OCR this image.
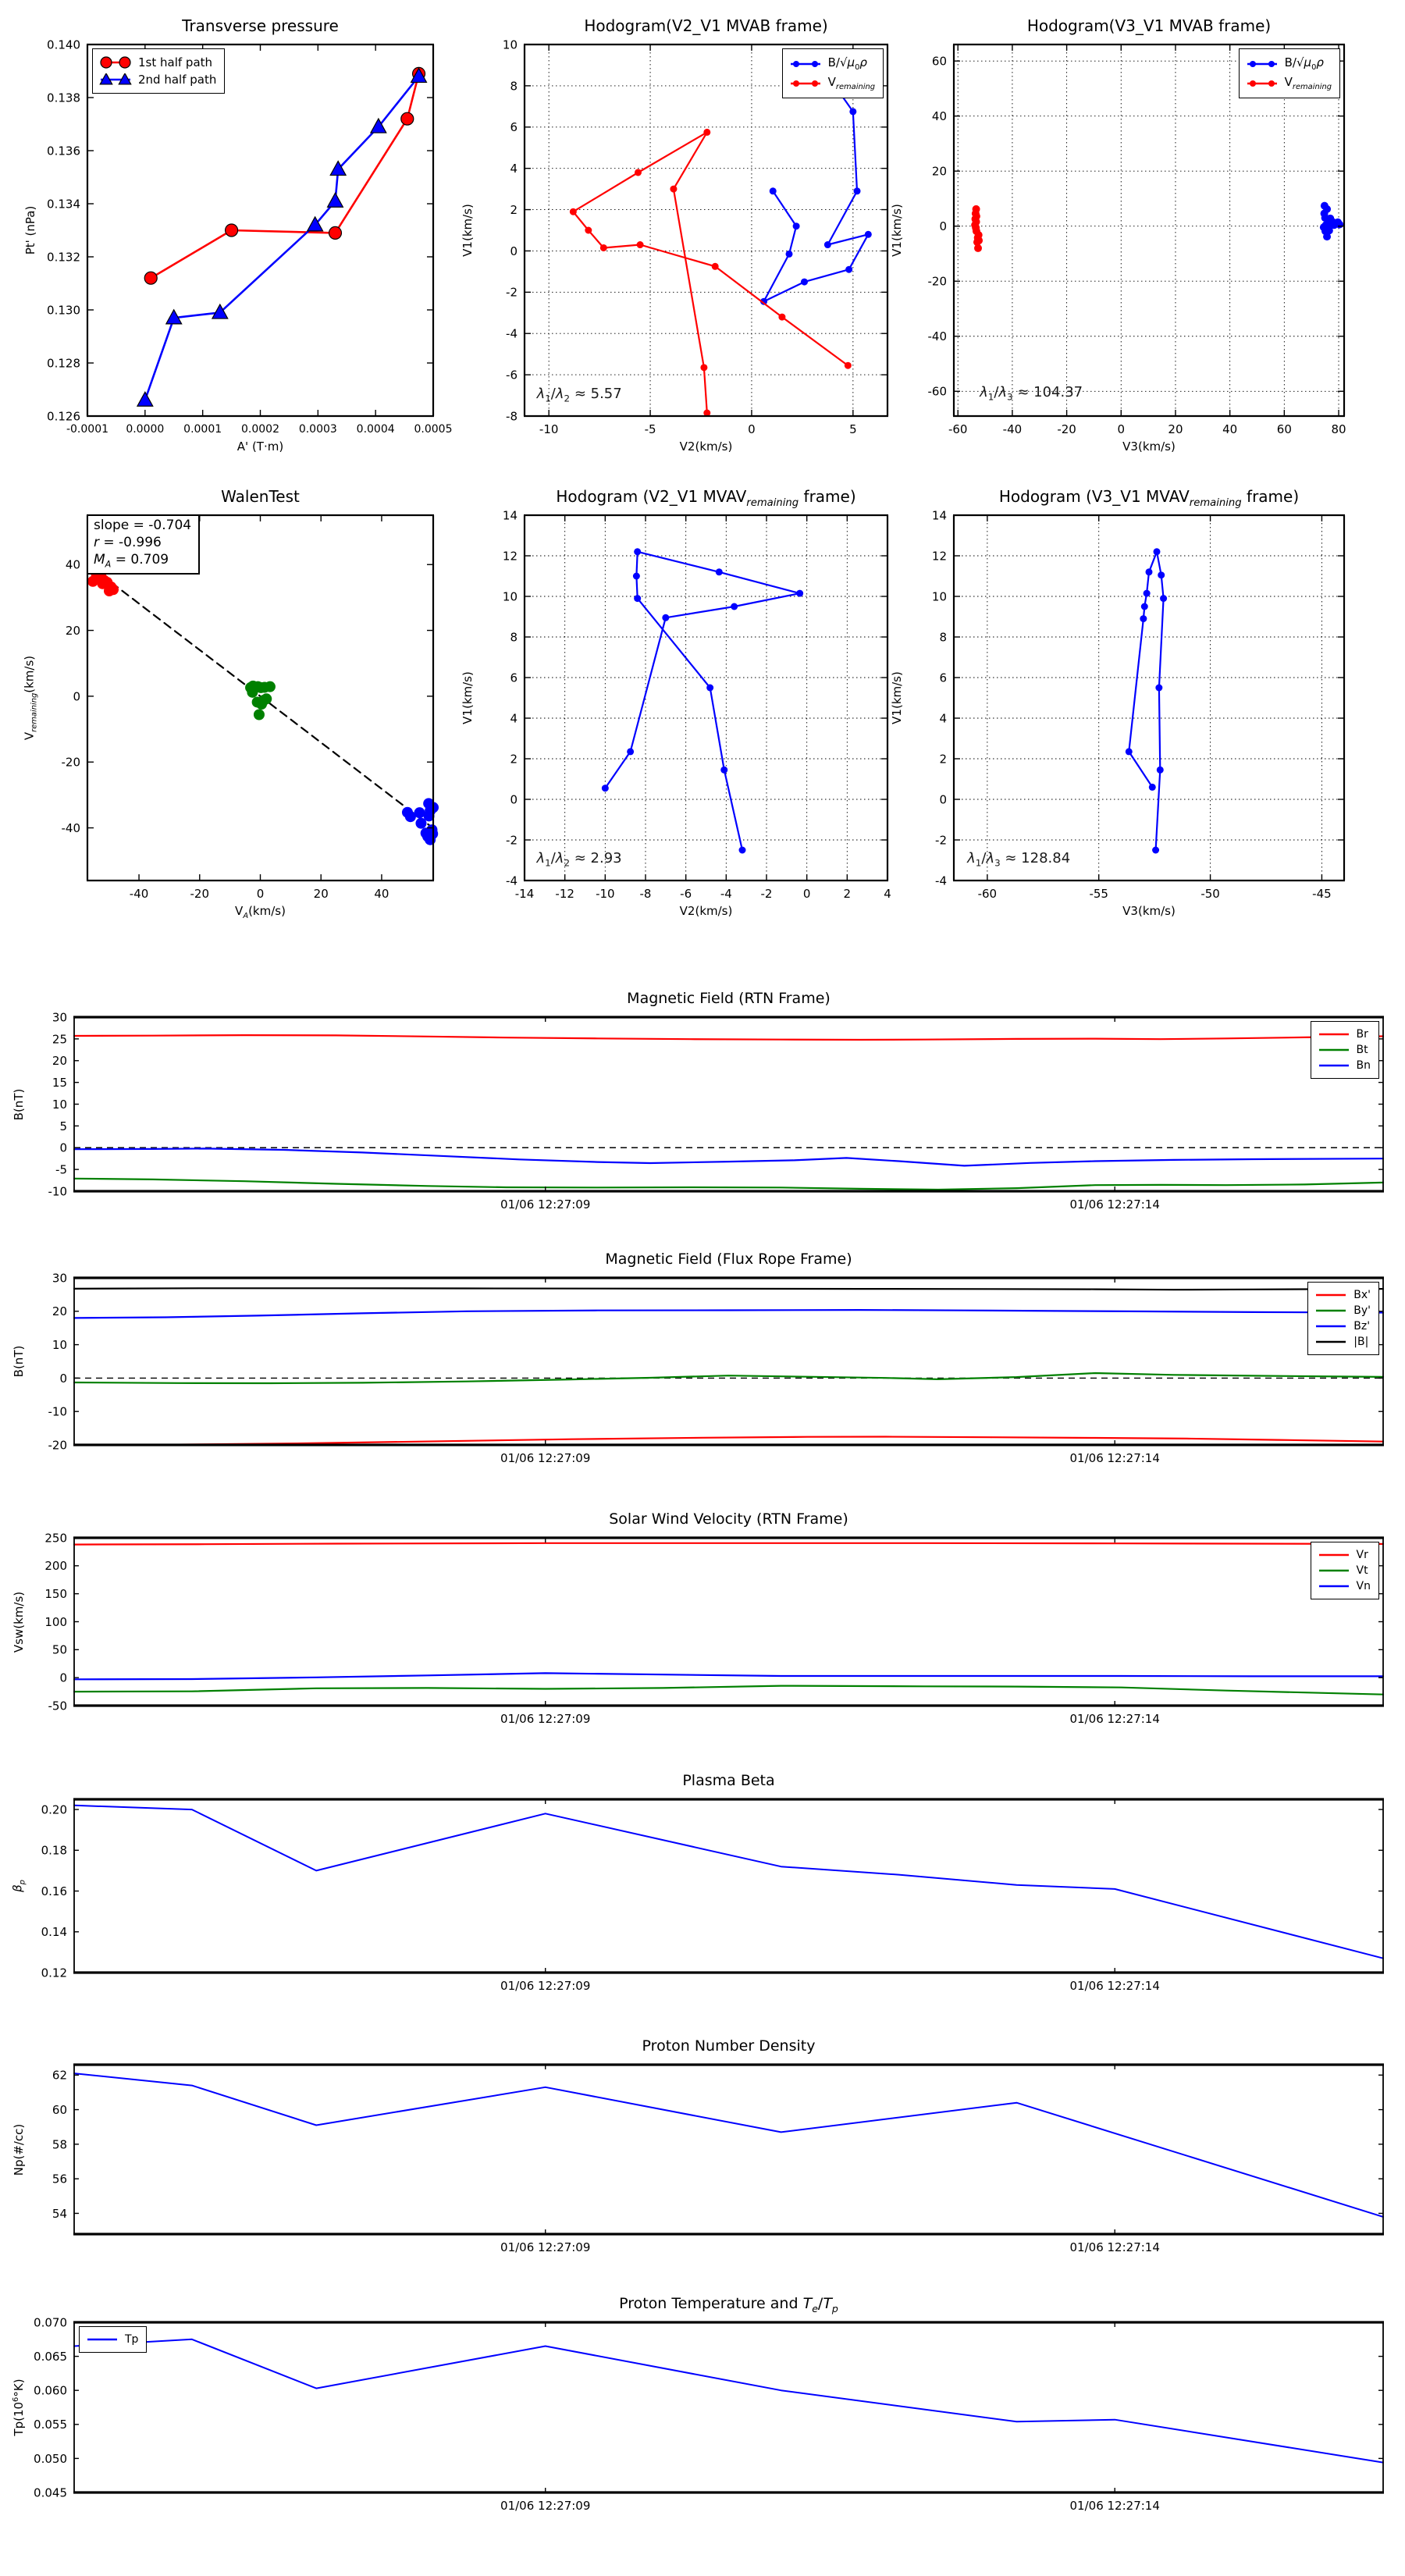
-0.0001 0.0000 0.0001 0.0002 0.0003 0.0004 0.0005
0.126
0.128
0.130
0.132
0.134
0.136
0.138
0.140
Transverse pressure
A' (T·m)
Pt' (nPa)
1st half path
2nd half path
-10	-5	0	5
-8
-6
-4
-2
0
2
4
6
8
10
Hodogram(V2_V1 MVAB frame)
V2(km/s)
V1(km/s)
$\lambda_1/\lambda_2 \approx 5.57$
$B/√\mu_0\rho$
$V_{remaining}$
-60	-40	-20	0	20	40	60	80
-60
-40
-20
0
20
40
60
Hodogram(V3_V1 MVAB frame)
V3(km/s)
V1(km/s)
$\lambda_1/\lambda_3 \approx 104.37$
$B/√\mu_0\rho$
$V_{remaining}$
-40	-20	0	20	40
-40
-20
0
20
40
WalenTest
$V_A(km/s)$
$V_{remaining}(km/s)$
slope = -0.704
r = -0.996
$M_A = 0.709$
-14 -12 -10 -8 -6 -4 -2	0	2	4
-4
-2
0
2
4
6
8
10
12
14
Hodogram (V2_V1 $MVAV_{remaining}$ frame)
V2(km/s)
V1(km/s)
$\lambda_1/\lambda_2 \approx 2.93$
-60	-55	-50	-45
-4
-2
0
2
4
6
8
10
12
14
Hodogram (V3_V1 $MVAV_{remaining}$ frame)
V3(km/s)
V1(km/s)
$\lambda_1/\lambda_3 \approx 128.84$
01/06 12:27:09	01/06 12:27:14
-10
-5
0
5
10
15
20
25
30
Magnetic Field (RTN Frame)
B(nT)
Br
Bt
Bn
01/06 12:27:09	01/06 12:27:14
-20
-10
0
10
20
30
Magnetic Field (Flux Rope Frame)
B(nT)
Bx'
By'
Bz'
|B|
01/06 12:27:09	01/06 12:27:14
-50
0
50
100
150
200
250
Solar Wind Velocity (RTN Frame)
Vsw(km/s)
Vr
Vt
Vn
01/06 12:27:09	01/06 12:27:14
0.12
0.14
0.16
0.18
0.20
Plasma Beta
$\beta_p$
01/06 12:27:09	01/06 12:27:14
54
56
58
60
62
Proton Number Density
Np(#/cc)
01/06 12:27:09	01/06 12:27:14
0.045
0.050
0.055
0.060
0.065
0.070
Proton Temperature and $T_e/T_p$
$Tp(10^6^\circ K)$
Tp
